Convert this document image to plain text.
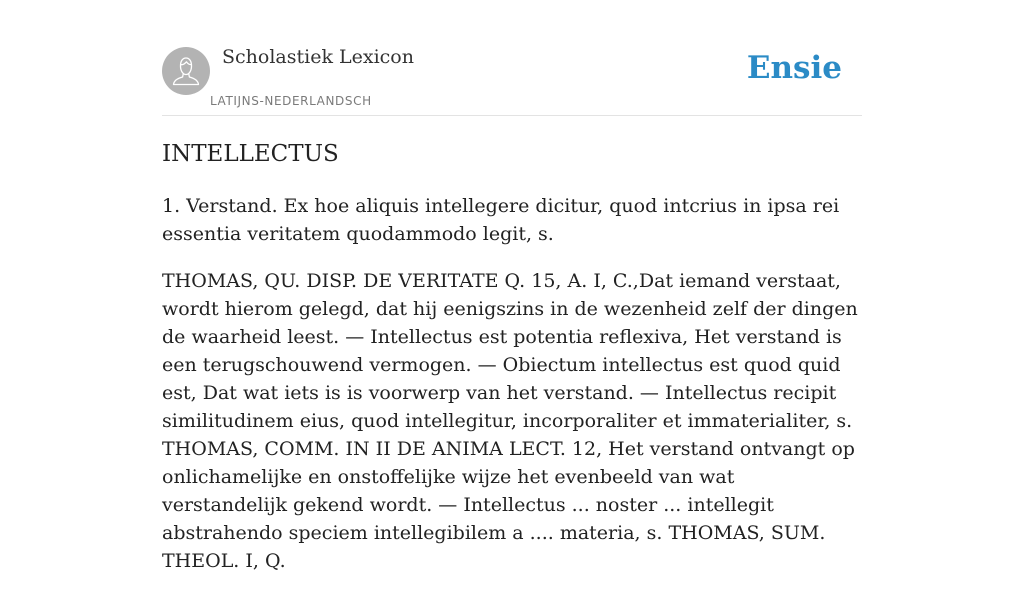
Scholastiek Lexicon
LATIJNS-NEDERLANDSCH
Ensie
INTELLECTUS

1. Verstand. Ex hoe aliquis intellegere dicitur, quod intcrius in ipsa rei essentia veritatem quodammodo legit, s.

THOMAS, QU. DISP. DE VERITATE Q. 15, A. I, C.,Dat iemand verstaat, wordt hierom gelegd, dat hij eenigszins in de wezenheid zelf der dingen de waarheid leest. — Intellectus est potentia reflexiva, Het verstand is een terugschouwend vermogen. — Obiectum intellectus est quod quid est, Dat wat iets is is voorwerp van het verstand. — Intellectus recipit similitudinem eius, quod intellegitur, incorporaliter et immaterialiter, s. THOMAS, COMM. IN II DE ANIMA LECT. 12, Het verstand ontvangt op onlichamelijke en onstoffelijke wijze het evenbeeld van wat verstandelijk gekend wordt. — Intellectus ... noster ... intellegit abstrahendo speciem intellegibilem a .... materia, s. THOMAS, SUM. THEOL. I, Q.
